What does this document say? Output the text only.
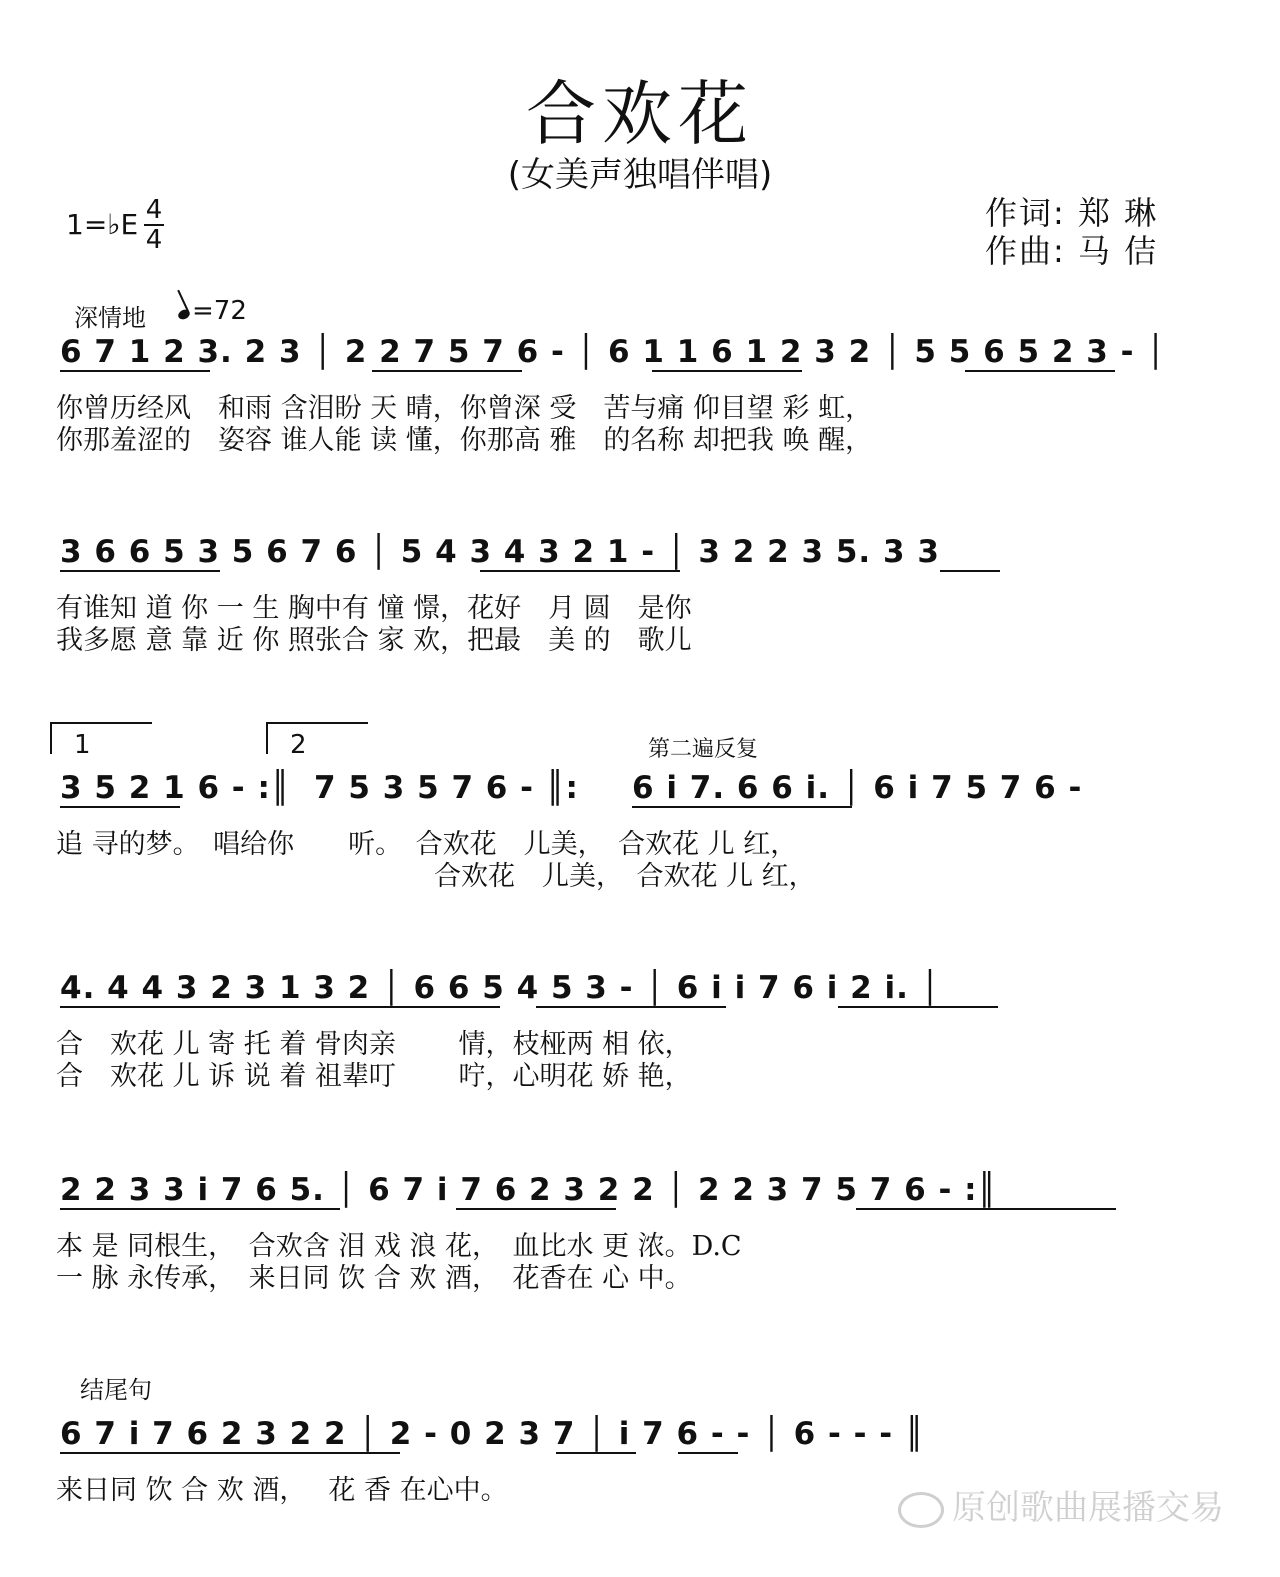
合欢花
(女美声独唱伴唱)
作词: 郑 琳
作曲: 马 佶
1=♭E 4
4
深情地	=72
6 7 1 2 3. 2 3 │ 2 2 7 5 7 6 - │ 6 1 1 6 1 2 3 2 │ 5 5 6 5 2 3 - │
你曾历经风　和雨 含泪盼 天 晴，你曾深 受　苦与痛 仰目望 彩 虹，
你那羞涩的　姿容 谁人能 读 懂，你那高 雅　的名称 却把我 唤 醒，
3 6 6 5 3 5 6 7 6 │ 5 4 3 4 3 2 1 - │ 3 2 2 3 5. 3 3
有谁知 道 你 一 生 胸中有 憧 憬，花好　月 圆　是你
我多愿 意 靠 近 你 照张合 家 欢，把最　美 的　歌儿
1	2	第二遍反复
3 5 2 1 6 - :║ 7 5 3 5 7 6 - ║: 6 i 7. 6 6 i. │ 6 i 7 5 7 6 -
追 寻的梦。　唱给你　　听。　合欢花　儿美，　合欢花 儿 红，
　　　　　　　　　　　　　　合欢花　儿美，　合欢花 儿 红，
4. 4 4 3 2 3 1 3 2 │ 6 6 5 4 5 3 - │ 6 i i 7 6 i 2 i. │
合　欢花 儿 寄 托 着 骨肉亲　　 情，枝桠两 相 依，
合　欢花 儿 诉 说 着 祖辈叮　　 咛，心明花 娇 艳，
2 2 3 3 i 7 6 5. │ 6 7 i 7 6 2 3 2 2 │ 2 2 3 7 5 7 6 - :║
本 是 同根生，　合欢含 泪 戏 浪 花，　血比水 更 浓。D.C
一 脉 永传承，　来日同 饮 合 欢 酒，　花香在 心 中。
结尾句
6 7 i 7 6 2 3 2 2 │ 2 - 0 2 3 7 │ i 7 6 - - │ 6 - - - ║
来日同 饮 合 欢 酒，　 花 香 在心中。	原创歌曲展播交易
